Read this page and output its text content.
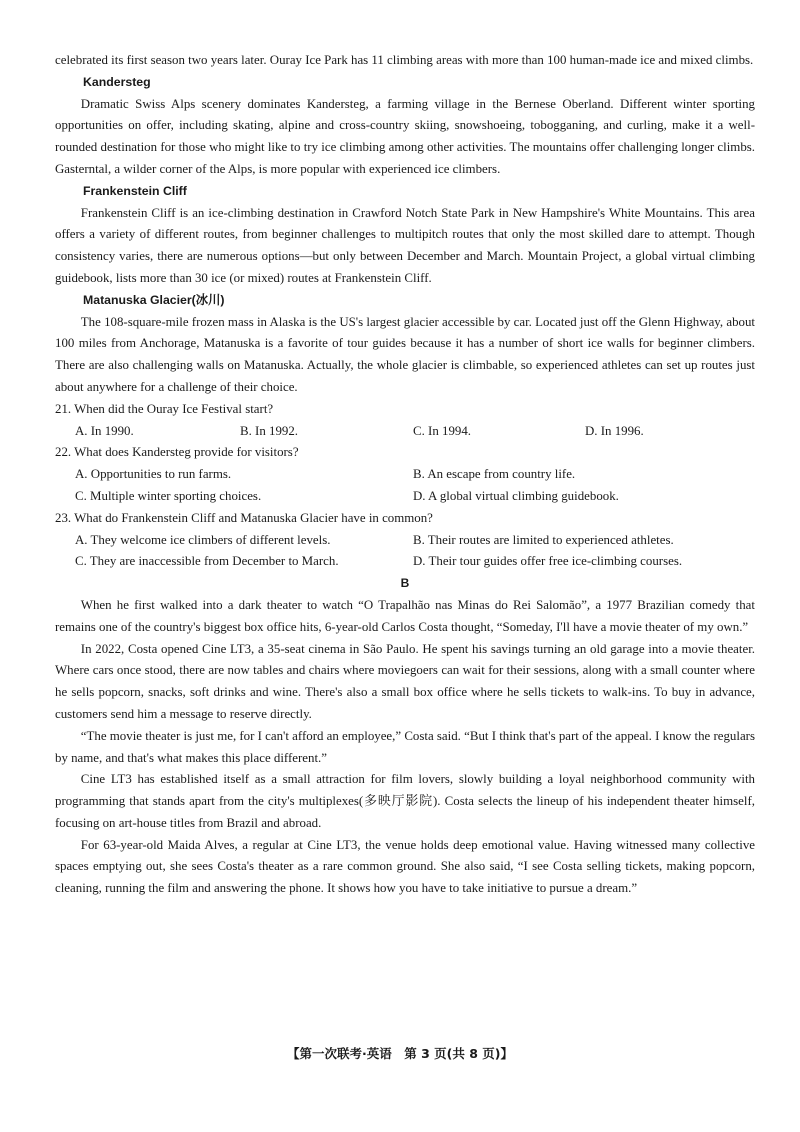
celebrated its first season two years later. Ouray Ice Park has 11 climbing areas with more than 100 human-made ice and mixed climbs.

Kandersteg

Dramatic Swiss Alps scenery dominates Kandersteg, a farming village in the Bernese Oberland. Different winter sporting opportunities on offer, including skating, alpine and cross-country skiing, snowshoeing, tobogganing, and curling, make it a well-rounded destination for those who might like to try ice climbing among other activities. The mountains offer challenging longer climbs. Gasterntal, a wilder corner of the Alps, is more popular with experienced ice climbers.

Frankenstein Cliff

Frankenstein Cliff is an ice-climbing destination in Crawford Notch State Park in New Hampshire's White Mountains. This area offers a variety of different routes, from beginner challenges to multipitch routes that only the most skilled dare to attempt. Though consistency varies, there are numerous options—but only between December and March. Mountain Project, a global virtual climbing guidebook, lists more than 30 ice (or mixed) routes at Frankenstein Cliff.

Matanuska Glacier(冰川)

The 108-square-mile frozen mass in Alaska is the US's largest glacier accessible by car. Located just off the Glenn Highway, about 100 miles from Anchorage, Matanuska is a favorite of tour guides because it has a number of short ice walls for beginner climbers. There are also challenging walls on Matanuska. Actually, the whole glacier is climbable, so experienced athletes can set up routes just about anywhere for a challenge of their choice.

21. When did the Ouray Ice Festival start?
A. In 1990.	B. In 1992.	C. In 1994.	D. In 1996.
22. What does Kandersteg provide for visitors?
A. Opportunities to run farms.	B. An escape from country life.
C. Multiple winter sporting choices.	D. A global virtual climbing guidebook.
23. What do Frankenstein Cliff and Matanuska Glacier have in common?
A. They welcome ice climbers of different levels.	B. Their routes are limited to experienced athletes.
C. They are inaccessible from December to March.	D. Their tour guides offer free ice-climbing courses.
B

When he first walked into a dark theater to watch “O Trapalhão nas Minas do Rei Salomão”, a 1977 Brazilian comedy that remains one of the country's biggest box office hits, 6-year-old Carlos Costa thought, “Someday, I'll have a movie theater of my own.”

In 2022, Costa opened Cine LT3, a 35-seat cinema in São Paulo. He spent his savings turning an old garage into a movie theater. Where cars once stood, there are now tables and chairs where moviegoers can wait for their sessions, along with a small counter where he sells popcorn, snacks, soft drinks and wine. There's also a small box office where he sells tickets to walk-ins. To buy in advance, customers send him a message to reserve directly.

“The movie theater is just me, for I can't afford an employee,” Costa said. “But I think that's part of the appeal. I know the regulars by name, and that's what makes this place different.”

Cine LT3 has established itself as a small attraction for film lovers, slowly building a loyal neighborhood community with programming that stands apart from the city's multiplexes(多映厅影院). Costa selects the lineup of his independent theater himself, focusing on art-house titles from Brazil and abroad.

For 63-year-old Maida Alves, a regular at Cine LT3, the venue holds deep emotional value. Having witnessed many collective spaces emptying out, she sees Costa's theater as a rare common ground. She also said, “I see Costa selling tickets, making popcorn, cleaning, running the film and answering the phone. It shows how you have to take initiative to pursue a dream.”

【第一次联考·英语　第 3 页(共 8 页)】
